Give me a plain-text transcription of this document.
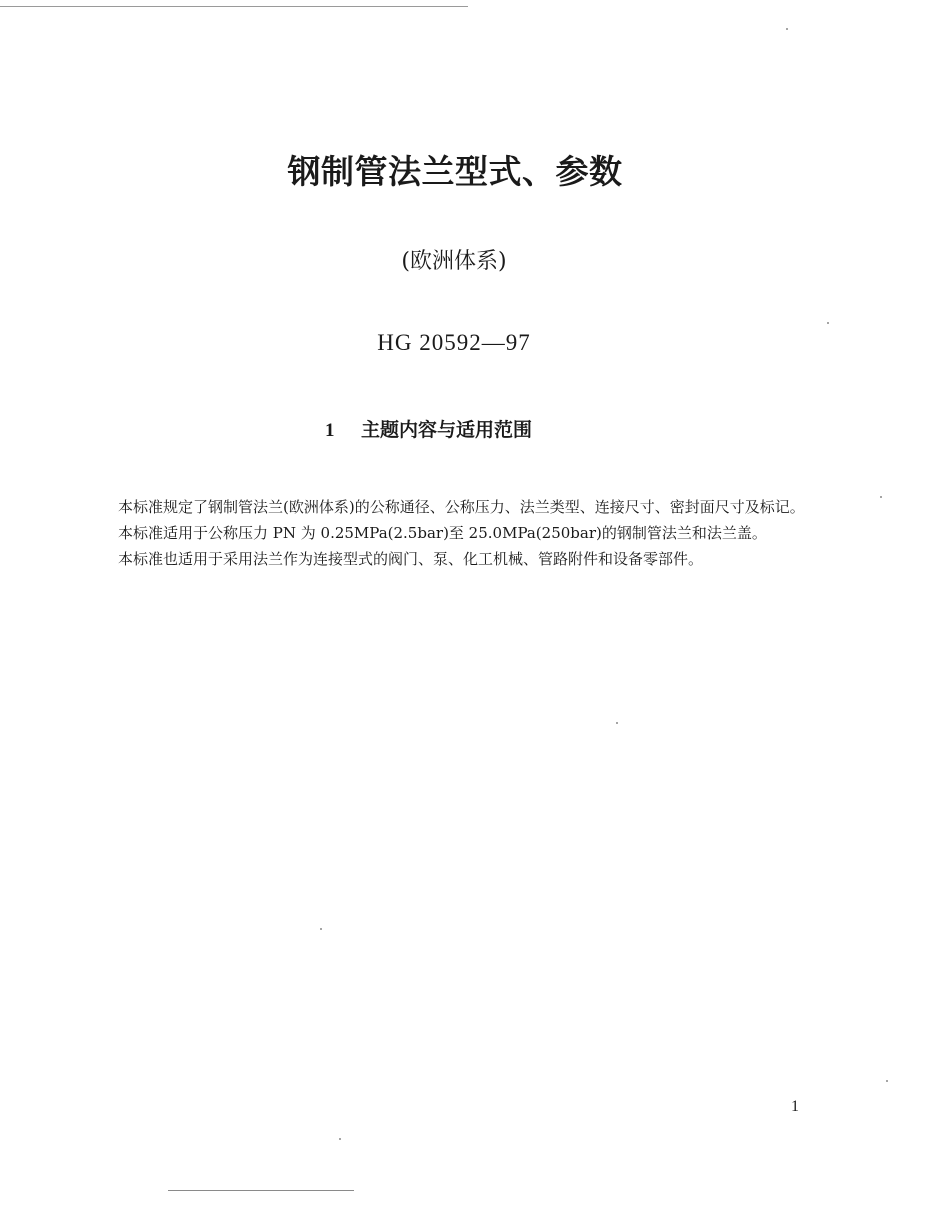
钢制管法兰型式、参数
(欧洲体系)
HG 20592—97
1 主题内容与适用范围

本标准规定了钢制管法兰(欧洲体系)的公称通径、公称压力、法兰类型、连接尺寸、密封面尺寸及标记。

本标准适用于公称压力 PN 为 0.25MPa(2.5bar)至 25.0MPa(250bar)的钢制管法兰和法兰盖。

本标准也适用于采用法兰作为连接型式的阀门、泵、化工机械、管路附件和设备零部件。

1
